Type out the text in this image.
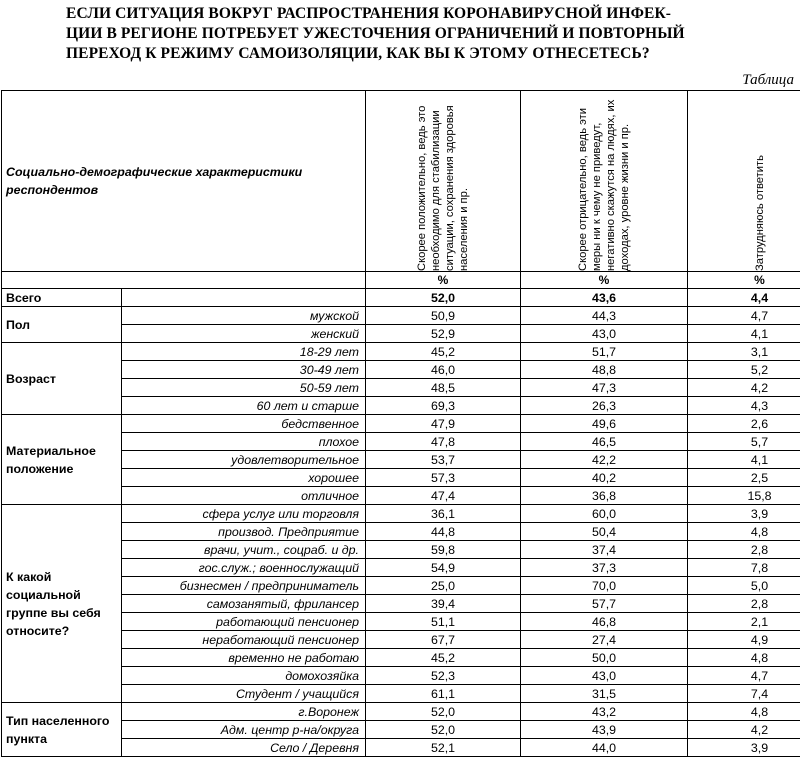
ЕСЛИ СИТУАЦИЯ ВОКРУГ РАСПРОСТРАНЕНИЯ КОРОНАВИРУСНОЙ ИНФЕК-
ЦИИ В РЕГИОНЕ ПОТРЕБУЕТ УЖЕСТОЧЕНИЯ ОГРАНИЧЕНИЙ И ПОВТОРНЫЙ
ПЕРЕХОД К РЕЖИМУ САМОИЗОЛЯЦИИ, КАК ВЫ К ЭТОМУ ОТНЕСЕТЕСЬ?
Таблица
Социально-демографические характеристики респондентов		Скорее положительно, ведь это необходимо для стабилизации ситуации, сохранения здоровья населения и пр.	Скорее отрицательно, ведь эти меры ни к чему не приведут, негативно скажутся на людях, их доходах, уровне жизни и пр.	Затрудняюсь ответить

		%	%	%
Всего		52,0	43,6	4,4
Пол	мужской	50,9	44,3	4,7
	женский	52,9	43,0	4,1
Возраст	18-29 лет	45,2	51,7	3,1
	30-49 лет	46,0	48,8	5,2
	50-59 лет	48,5	47,3	4,2
	60 лет и старше	69,3	26,3	4,3
Материальное положение	бедственное	47,9	49,6	2,6
	плохое	47,8	46,5	5,7
	удовлетворительное	53,7	42,2	4,1
	хорошее	57,3	40,2	2,5
	отличное	47,4	36,8	15,8
К какой социальной группе вы себя относите?	сфера услуг или торговля	36,1	60,0	3,9
	производ. Предприятие	44,8	50,4	4,8
	врачи, учит., соцраб. и др.	59,8	37,4	2,8
	гос.служ.; военнослужащий	54,9	37,3	7,8
	бизнесмен / предприниматель	25,0	70,0	5,0
	самозанятый, фрилансер	39,4	57,7	2,8
	работающий пенсионер	51,1	46,8	2,1
	неработающий пенсионер	67,7	27,4	4,9
	временно не работаю	45,2	50,0	4,8
	домохозяйка	52,3	43,0	4,7
	Студент / учащийся	61,1	31,5	7,4
Тип населенного пункта	г.Воронеж	52,0	43,2	4,8
	Адм. центр р-на/округа	52,0	43,9	4,2
	Село / Деревня	52,1	44,0	3,9
